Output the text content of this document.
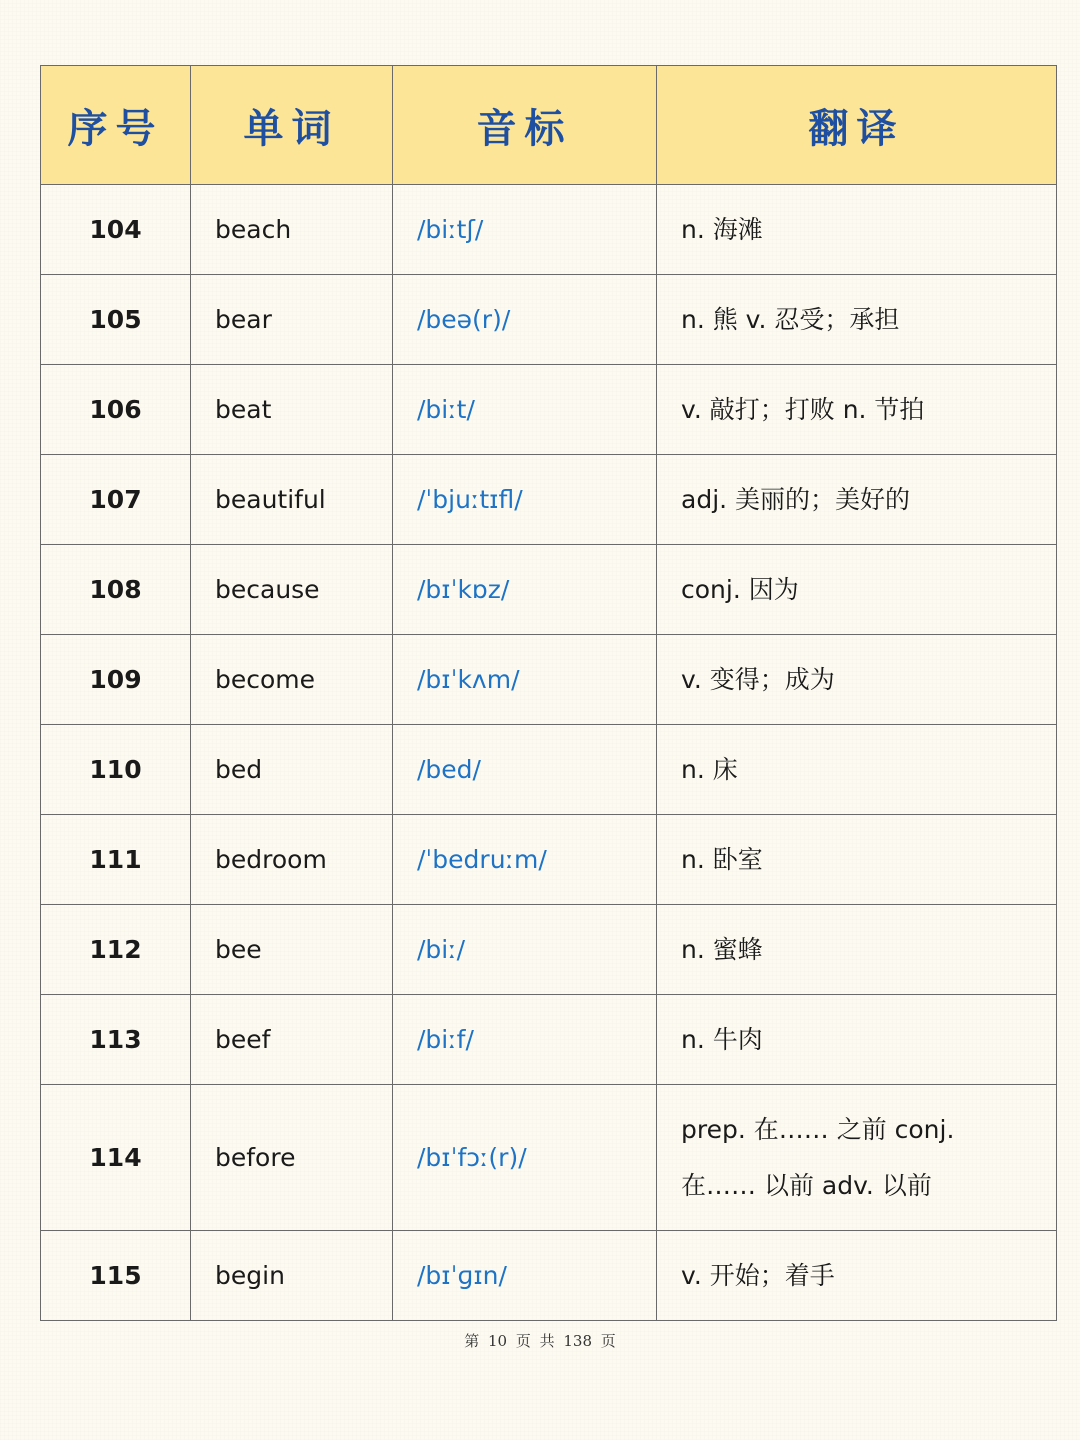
序号	单词	音标	翻译
104	beach	/biːtʃ/	n. 海滩
105	bear	/beə(r)/	n. 熊 v. 忍受；承担
106	beat	/biːt/	v. 敲打；打败 n. 节拍
107	beautiful	/ˈbjuːtɪfl/	adj. 美丽的；美好的
108	because	/bɪˈkɒz/	conj. 因为
109	become	/bɪˈkʌm/	v. 变得；成为
110	bed	/bed/	n. 床
111	bedroom	/ˈbedruːm/	n. 卧室
112	bee	/biː/	n. 蜜蜂
113	beef	/biːf/	n. 牛肉
114	before	/bɪˈfɔː(r)/	prep. 在…… 之前 conj. 在…… 以前 adv. 以前
115	begin	/bɪˈɡɪn/	v. 开始；着手
第 10 页 共 138 页
